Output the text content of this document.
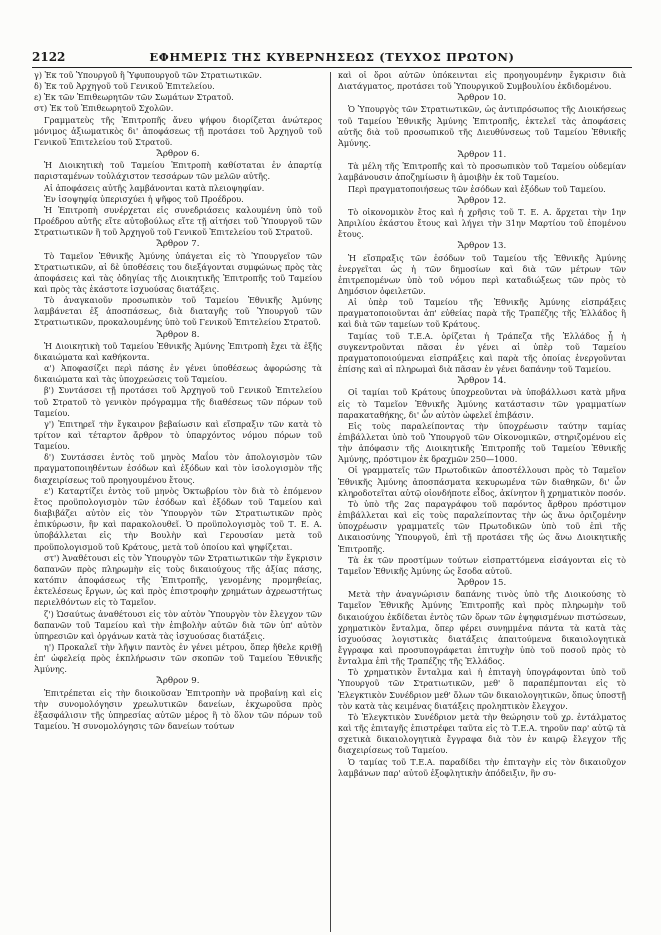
2122	ΕΦΗΜΕΡΙΣ ΤΗΣ ΚΥΒΕΡΝΗΣΕΩΣ (ΤΕΥΧΟΣ ΠΡΩΤΟΝ)

γ) Ἐκ τοῦ Ὑπουργοῦ ἢ Ὑφυπουργοῦ τῶν Στρατιωτικῶν.

δ) Ἐκ τοῦ Ἀρχηγοῦ τοῦ Γενικοῦ Ἐπιτελείου.

ε) Ἐκ τῶν Ἐπιθεωρητῶν τῶν Σωμάτων Στρατοῦ.

στ) Ἐκ τοῦ Ἐπιθεωρητοῦ Σχολῶν.

Γραμματεὺς τῆς Ἐπιτροπῆς ἄνευ ψήφου διορίζεται ἀνώτερος μόνιμος ἀξιωματικὸς δι' ἀποφάσεως τῇ προτάσει τοῦ Ἀρχηγοῦ τοῦ Γενικοῦ Ἐπιτελείου τοῦ Στρατοῦ.

Ἄρθρον 6.

Ἡ Διοικητικὴ τοῦ Ταμείου Ἐπιτροπὴ καθίσταται ἐν ἀπαρτίᾳ παρισταμένων τοὐλάχιστον τεσσάρων τῶν μελῶν αὐτῆς.

Αἱ ἀποφάσεις αὐτῆς λαμβάνονται κατὰ πλειοψηφίαν.

Ἐν ἰσοψηφίᾳ ὑπερισχύει ἡ ψῆφος τοῦ Προέδρου.

Ἡ Ἐπιτροπὴ συνέρχεται εἰς συνεδριάσεις καλουμένη ὑπὸ τοῦ Προέδρου αὐτῆς εἴτε αὐτοβούλως εἴτε τῇ αἰτήσει τοῦ Ὑπουργοῦ τῶν Στρατιωτικῶν ἢ τοῦ Ἀρχηγοῦ τοῦ Γενικοῦ Ἐπιτελείου τοῦ Στρατοῦ.

Ἄρθρον 7.

Τὸ Ταμεῖον Ἐθνικῆς Ἀμύνης ὑπάγεται εἰς τὸ Ὑπουργεῖον τῶν Στρατιωτικῶν, αἱ δὲ ὑποθέσεις του διεξάγονται συμφώνως πρὸς τὰς ἀποφάσεις καὶ τὰς ὁδηγίας τῆς Διοικητικῆς Ἐπιτροπῆς τοῦ Ταμείου καὶ πρὸς τὰς ἑκάστοτε ἰσχυούσας διατάξεις.

Τὸ ἀναγκαιοῦν προσωπικὸν τοῦ Ταμείου Ἐθνικῆς Ἀμύνης λαμβάνεται ἐξ ἀποσπάσεως, διὰ διαταγῆς τοῦ Ὑπουργοῦ τῶν Στρατιωτικῶν, προκαλουμένης ὑπὸ τοῦ Γενικοῦ Ἐπιτελείου Στρατοῦ.

Ἄρθρον 8.

Ἡ Διοικητικὴ τοῦ Ταμείου Ἐθνικῆς Ἀμύνης Ἐπιτροπὴ ἔχει τὰ ἑξῆς δικαιώματα καὶ καθήκοντα.

α') Ἀποφασίζει περὶ πάσης ἐν γένει ὑποθέσεως ἀφορώσης τὰ δικαιώματα καὶ τὰς ὑποχρεώσεις τοῦ Ταμείου.

β') Συντάσσει τῇ προτάσει τοῦ Ἀρχηγοῦ τοῦ Γενικοῦ Ἐπιτελείου τοῦ Στρατοῦ τὸ γενικὸν πρόγραμμα τῆς διαθέσεως τῶν πόρων τοῦ Ταμείου.

γ') Ἐπιτηρεῖ τὴν ἔγκαιρον βεβαίωσιν καὶ εἴσπραξιν τῶν κατὰ τὸ τρίτον καὶ τέταρτον ἄρθρον τὸ ὑπαρχόντος νόμου πόρων τοῦ Ταμείου.

δ') Συντάσσει ἐντὸς τοῦ μηνὸς Μαΐου τὸν ἀπολογισμὸν τῶν πραγματοποιηθέντων ἐσόδων καὶ ἐξόδων καὶ τὸν ἰσολογισμὸν τῆς διαχειρίσεως τοῦ προηγουμένου ἔτους.

ε') Καταρτίζει ἐντὸς τοῦ μηνὸς Ὀκτωβρίου τὸν διὰ τὸ ἐπόμενον ἔτος προϋπολογισμὸν τῶν ἐσόδων καὶ ἐξόδων τοῦ Ταμείου καὶ διαβιβάζει αὐτὸν εἰς τὸν Ὑπουργὸν τῶν Στρατιωτικῶν πρὸς ἐπικύρωσιν, ἣν καὶ παρακολουθεῖ. Ὁ προϋπολογισμὸς τοῦ Τ. Ε. Α. ὑποβάλλεται εἰς τὴν Βουλὴν καὶ Γερουσίαν μετὰ τοῦ προϋπολογισμοῦ τοῦ Κράτους, μετὰ τοῦ ὁποίου καὶ ψηφίζεται.

στ') Ἀναθέτουσι εἰς τὸν Ὑπουργὸν τῶν Στρατιωτικῶν τὴν ἔγκρισιν δαπανῶν πρὸς πληρωμὴν εἰς τοὺς δικαιούχους τῆς ἀξίας πάσης, κατόπιν ἀποφάσεως τῆς Ἐπιτροπῆς, γενομένης προμηθείας, ἐκτελέσεως ἔργων, ὡς καὶ πρὸς ἐπιστροφὴν χρημάτων ἀχρεωστήτως περιελθόντων εἰς τὸ Ταμεῖον.

ζ') Ὡσαύτως ἀναθέτουσι εἰς τὸν αὐτὸν Ὑπουργὸν τὸν ἔλεγχον τῶν δαπανῶν τοῦ Ταμείου καὶ τὴν ἐπιβολὴν αὐτῶν διὰ τῶν ὑπ' αὐτὸν ὑπηρεσιῶν καὶ ὀργάνων κατὰ τὰς ἰσχυούσας διατάξεις.

η') Προκαλεῖ τὴν λῆψιν παντὸς ἐν γένει μέτρου, ὅπερ ἤθελε κριθῇ ἐπ' ὠφελείᾳ πρὸς ἐκπλήρωσιν τῶν σκοπῶν τοῦ Ταμείου Ἐθνικῆς Ἀμύνης.

Ἄρθρον 9.

Ἐπιτρέπεται εἰς τὴν διοικοῦσαν Ἐπιτροπὴν νὰ προβαίνῃ καὶ εἰς τὴν συνομολόγησιν χρεωλυτικῶν δανείων, ἐκχωροῦσα πρὸς ἐξασφάλισιν τῆς ὑπηρεσίας αὐτῶν μέρος ἢ τὸ ὅλον τῶν πόρων τοῦ Ταμείου. Ἡ συνομολόγησις τῶν δανείων τούτων

καὶ οἱ ὅροι αὐτῶν ὑπόκεινται εἰς προηγουμένην ἔγκρισιν διὰ Διατάγματος, προτάσει τοῦ Ὑπουργικοῦ Συμβουλίου ἐκδιδομένου.

Ἄρθρον 10.

Ὁ Ὑπουργὸς τῶν Στρατιωτικῶν, ὡς ἀντιπρόσωπος τῆς Διοικήσεως τοῦ Ταμείου Ἐθνικῆς Ἀμύνης Ἐπιτροπῆς, ἐκτελεῖ τὰς ἀποφάσεις αὐτῆς διὰ τοῦ προσωπικοῦ τῆς Διευθύνσεως τοῦ Ταμείου Ἐθνικῆς Ἀμύνης.

Ἄρθρον 11.

Τὰ μέλη τῆς Ἐπιτροπῆς καὶ τὸ προσωπικὸν τοῦ Ταμείου οὐδεμίαν λαμβάνουσιν ἀποζημίωσιν ἢ ἀμοιβὴν ἐκ τοῦ Ταμείου.

Περὶ πραγματοποιήσεως τῶν ἐσόδων καὶ ἐξόδων τοῦ Ταμείου.

Ἄρθρον 12.

Τὸ οἰκονομικὸν ἔτος καὶ ἡ χρῆσις τοῦ Τ. Ε. Α. ἄρχεται τὴν 1ην Ἀπριλίου ἑκάστου ἔτους καὶ λήγει τὴν 31ην Μαρτίου τοῦ ἑπομένου ἔτους.

Ἄρθρον 13.

Ἡ εἴσπραξις τῶν ἐσόδων τοῦ Ταμείου τῆς Ἐθνικῆς Ἀμύνης ἐνεργεῖται ὡς ἡ τῶν δημοσίων καὶ διὰ τῶν μέτρων τῶν ἐπιτρεπομένων ὑπὸ τοῦ νόμου περὶ καταδιώξεως τῶν πρὸς τὸ Δημόσιον ὀφειλετῶν.

Αἱ ὑπὲρ τοῦ Ταμείου τῆς Ἐθνικῆς Ἀμύνης εἰσπράξεις πραγματοποιοῦνται ἀπ' εὐθείας παρὰ τῆς Τραπέζης τῆς Ἑλλάδος ἢ καὶ διὰ τῶν ταμείων τοῦ Κράτους.

Ταμίας τοῦ Τ.Ε.Α. ὁρίζεται ἡ Τράπεζα τῆς Ἑλλάδος ᾗ ἡ συγκεντροῦνται πᾶσαι ἐν γένει αἱ ὑπὲρ τοῦ Ταμείου πραγματοποιούμεναι εἰσπράξεις καὶ παρὰ τῆς ὁποίας ἐνεργοῦνται ἐπίσης καὶ αἱ πληρωμαὶ διὰ πᾶσαν ἐν γένει δαπάνην τοῦ Ταμείου.

Ἄρθρον 14.

Οἱ ταμίαι τοῦ Κράτους ὑποχρεοῦνται νὰ ὑποβάλλωσι κατὰ μῆνα εἰς τὸ Ταμεῖον Ἐθνικῆς Ἀμύνης κατάστασιν τῶν γραμματίων παρακαταθήκης, δι' ὧν αὐτὸν ὠφελεῖ ἐπιβάσιν.

Εἰς τοὺς παραλείποντας τὴν ὑποχρέωσιν ταύτην ταμίας ἐπιβάλλεται ὑπὸ τοῦ Ὑπουργοῦ τῶν Οἰκονομικῶν, στηριζομένου εἰς τὴν ἀπόφασιν τῆς Διοικητικῆς Ἐπιτροπῆς τοῦ Ταμείου Ἐθνικῆς Ἀμύνης, πρόστιμον ἐκ δραχμῶν 250—1000.

Οἱ γραμματεῖς τῶν Πρωτοδικῶν ἀποστέλλουσι πρὸς τὸ Ταμεῖον Ἐθνικῆς Ἀμύνης ἀποσπάσματα κεκυρωμένα τῶν διαθηκῶν, δι' ὧν κληροδοτεῖται αὐτῷ οἱονδήποτε εἶδος, ἀκίνητον ἢ χρηματικὸν ποσόν.

Τὸ ὑπὸ τῆς 2ας παραγράφου τοῦ παρόντος ἄρθρου πρόστιμον ἐπιβάλλεται καὶ εἰς τοὺς παραλείποντας τὴν ὡς ἄνω ὁριζομένην ὑποχρέωσιν γραμματεῖς τῶν Πρωτοδικῶν ὑπὸ τοῦ ἐπὶ τῆς Δικαιοσύνης Ὑπουργοῦ, ἐπὶ τῇ προτάσει τῆς ὡς ἄνω Διοικητικῆς Ἐπιτροπῆς.

Τὰ ἐκ τῶν προστίμων τούτων εἰσπραττόμενα εἰσάγονται εἰς τὸ Ταμεῖον Ἐθνικῆς Ἀμύνης ὡς ἔσοδα αὐτοῦ.

Ἄρθρον 15.

Μετὰ τὴν ἀναγνώρισιν δαπάνης τινὸς ὑπὸ τῆς Διοικούσης τὸ Ταμεῖον Ἐθνικῆς Ἀμύνης Ἐπιτροπῆς καὶ πρὸς πληρωμὴν τοῦ δικαιούχου ἐκδίδεται ἐντὸς τῶν ὅρων τῶν ἐψηφισμένων πιστώσεων, χρηματικὸν ἔνταλμα, ὅπερ φέρει συνημμένα πάντα τὰ κατὰ τὰς ἰσχυούσας λογιστικὰς διατάξεις ἀπαιτούμενα δικαιολογητικὰ ἔγγραφα καὶ προσυπογράφεται ἐπιτυχὴν ὑπὸ τοῦ ποσοῦ πρὸς τὸ ἔνταλμα ἐπὶ τῆς Τραπέζης τῆς Ἑλλάδος.

Τὸ χρηματικὸν ἔνταλμα καὶ ἡ ἐπιταγὴ ὑπογράφονται ὑπὸ τοῦ Ὑπουργοῦ τῶν Στρατιωτικῶν, μεθ' ὃ παραπέμπονται εἰς τὸ Ἐλεγκτικὸν Συνέδριον μεθ' ὅλων τῶν δικαιολογητικῶν, ὅπως ὑποστῇ τὸν κατὰ τὰς κειμένας διατάξεις προληπτικὸν ἔλεγχον.

Τὸ Ἐλεγκτικὸν Συνέδριον μετὰ τὴν θεώρησιν τοῦ χρ. ἐντάλματος καὶ τῆς ἐπιταγῆς ἐπιστρέφει ταῦτα εἰς τὸ Τ.Ε.Α. τηροῦν παρ' αὐτῷ τὰ σχετικὰ δικαιολογητικὰ ἔγγραφα διὰ τὸν ἐν καιρῷ ἔλεγχον τῆς διαχειρίσεως τοῦ Ταμείου.

Ὁ ταμίας τοῦ Τ.Ε.Α. παραδίδει τὴν ἐπιταγὴν εἰς τὸν δικαιοῦχον λαμβάνων παρ' αὐτοῦ ἐξοφλητικὴν ἀπόδειξιν, ἣν συ-
